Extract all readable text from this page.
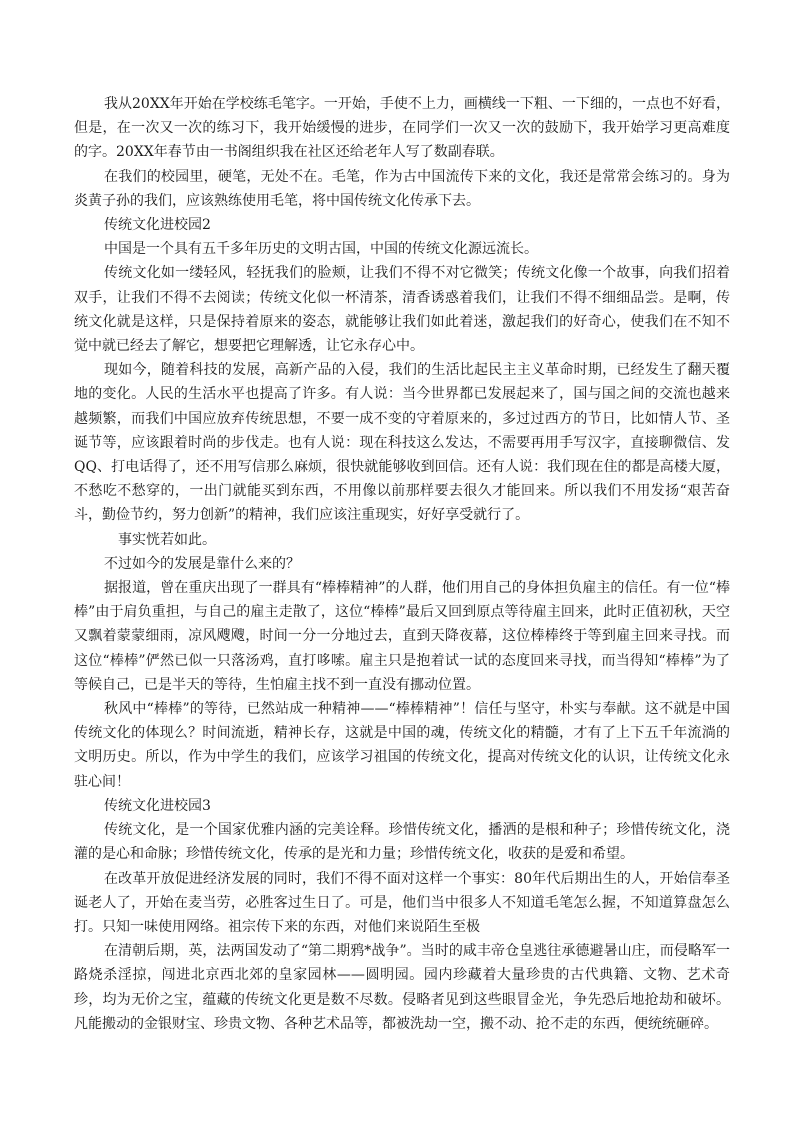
我从20XX年开始在学校练毛笔字。一开始，手使不上力，画横线一下粗、一下细的，一点也不好看，但是，在一次又一次的练习下，我开始缓慢的进步，在同学们一次又一次的鼓励下，我开始学习更高难度的字。20XX年春节由一书阁组织我在社区还给老年人写了数副春联。

在我们的校园里，硬笔，无处不在。毛笔，作为古中国流传下来的文化，我还是常常会练习的。身为炎黄子孙的我们，应该熟练使用毛笔，将中国传统文化传承下去。

传统文化进校园2

中国是一个具有五千多年历史的文明古国，中国的传统文化源远流长。

传统文化如一缕轻风，轻抚我们的脸颊，让我们不得不对它微笑；传统文化像一个故事，向我们招着双手，让我们不得不去阅读；传统文化似一杯清茶，清香诱惑着我们，让我们不得不细细品尝。是啊，传统文化就是这样，只是保持着原来的姿态，就能够让我们如此着迷，激起我们的好奇心，使我们在不知不觉中就已经去了解它，想要把它理解透，让它永存心中。

现如今，随着科技的发展，高新产品的入侵，我们的生活比起民主主义革命时期，已经发生了翻天覆地的变化。人民的生活水平也提高了许多。有人说：当今世界都已发展起来了，国与国之间的交流也越来越频繁，而我们中国应放弃传统思想，不要一成不变的守着原来的，多过过西方的节日，比如情人节、圣诞节等，应该跟着时尚的步伐走。也有人说：现在科技这么发达，不需要再用手写汉字，直接聊微信、发QQ、打电话得了，还不用写信那么麻烦，很快就能够收到回信。还有人说：我们现在住的都是高楼大厦，不愁吃不愁穿的，一出门就能买到东西，不用像以前那样要去很久才能回来。所以我们不用发扬“艰苦奋斗，勤俭节约，努力创新”的精神，我们应该注重现实，好好享受就行了。

事实恍若如此。

不过如今的发展是靠什么来的？

据报道，曾在重庆出现了一群具有“棒棒精神”的人群，他们用自己的身体担负雇主的信任。有一位“棒棒”由于肩负重担，与自己的雇主走散了，这位“棒棒”最后又回到原点等待雇主回来，此时正值初秋，天空又飘着蒙蒙细雨，凉风飕飕，时间一分一分地过去，直到天降夜幕，这位棒棒终于等到雇主回来寻找。而这位“棒棒”俨然已似一只落汤鸡，直打哆嗦。雇主只是抱着试一试的态度回来寻找，而当得知“棒棒”为了等候自己，已是半天的等待，生怕雇主找不到一直没有挪动位置。

秋风中“棒棒”的等待，已然站成一种精神——“棒棒精神”！信任与坚守，朴实与奉献。这不就是中国传统文化的体现么？时间流逝，精神长存，这就是中国的魂，传统文化的精髓，才有了上下五千年流淌的文明历史。所以，作为中学生的我们，应该学习祖国的传统文化，提高对传统文化的认识，让传统文化永驻心间！

传统文化进校园3

传统文化，是一个国家优雅内涵的完美诠释。珍惜传统文化，播洒的是根和种子；珍惜传统文化，浇灌的是心和命脉；珍惜传统文化，传承的是光和力量；珍惜传统文化，收获的是爱和希望。

在改革开放促进经济发展的同时，我们不得不面对这样一个事实：80年代后期出生的人，开始信奉圣诞老人了，开始在麦当劳，必胜客过生日了。可是，他们当中很多人不知道毛笔怎么握，不知道算盘怎么打。只知一味使用网络。祖宗传下来的东西，对他们来说陌生至极

在清朝后期，英，法两国发动了“第二期鸦*战争”。当时的咸丰帝仓皇逃往承德避暑山庄，而侵略军一路烧杀淫掠，闯进北京西北郊的皇家园林——圆明园。园内珍藏着大量珍贵的古代典籍、文物、艺术奇珍，均为无价之宝，蕴藏的传统文化更是数不尽数。侵略者见到这些眼冒金光，争先恐后地抢劫和破坏。凡能搬动的金银财宝、珍贵文物、各种艺术品等，都被洗劫一空，搬不动、抢不走的东西，便统统砸碎。
